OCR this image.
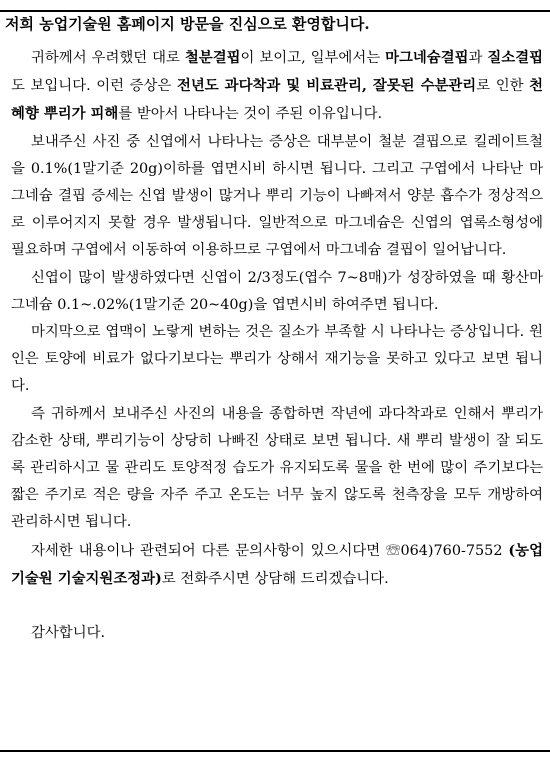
저희 농업기술원 홈페이지 방문을 진심으로 환영합니다.

귀하께서 우려했던 대로 철분결핍이 보이고, 일부에서는 마그네슘결핍과 질소결핍도 보입니다. 이런 증상은 전년도 과다착과 및 비료관리, 잘못된 수분관리로 인한 천혜향 뿌리가 피해를 받아서 나타나는 것이 주된 이유입니다.

보내주신 사진 중 신엽에서 나타나는 증상은 대부분이 철분 결핍으로 킬레이트철을 0.1%(1말기준 20g)이하를 엽면시비 하시면 됩니다. 그리고 구엽에서 나타난 마그네슘 결핍 증세는 신엽 발생이 많거나 뿌리 기능이 나빠져서 양분 흡수가 정상적으로 이루어지지 못할 경우 발생됩니다. 일반적으로 마그네슘은 신엽의 엽록소형성에 필요하며 구엽에서 이동하여 이용하므로 구엽에서 마그네슘 결핍이 일어납니다.

신엽이 많이 발생하였다면 신엽이 2/3정도(엽수 7~8매)가 성장하였을 때 황산마그네슘 0.1~.02%(1말기준 20~40g)을 엽면시비 하여주면 됩니다.

마지막으로 엽맥이 노랗게 변하는 것은 질소가 부족할 시 나타나는 증상입니다. 원인은 토양에 비료가 없다기보다는 뿌리가 상해서 재기능을 못하고 있다고 보면 됩니다.

즉 귀하께서 보내주신 사진의 내용을 종합하면 작년에 과다착과로 인해서 뿌리가 감소한 상태, 뿌리기능이 상당히 나빠진 상태로 보면 됩니다. 새 뿌리 발생이 잘 되도록 관리하시고 물 관리도 토양적정 습도가 유지되도록 물을 한 번에 많이 주기보다는 짧은 주기로 적은 량을 자주 주고 온도는 너무 높지 않도록 천측장을 모두 개방하여 관리하시면 됩니다.

자세한 내용이나 관련되어 다른 문의사항이 있으시다면 ☏064)760-7552 (농업기술원 기술지원조정과)로 전화주시면 상담해 드리겠습니다.

감사합니다.
